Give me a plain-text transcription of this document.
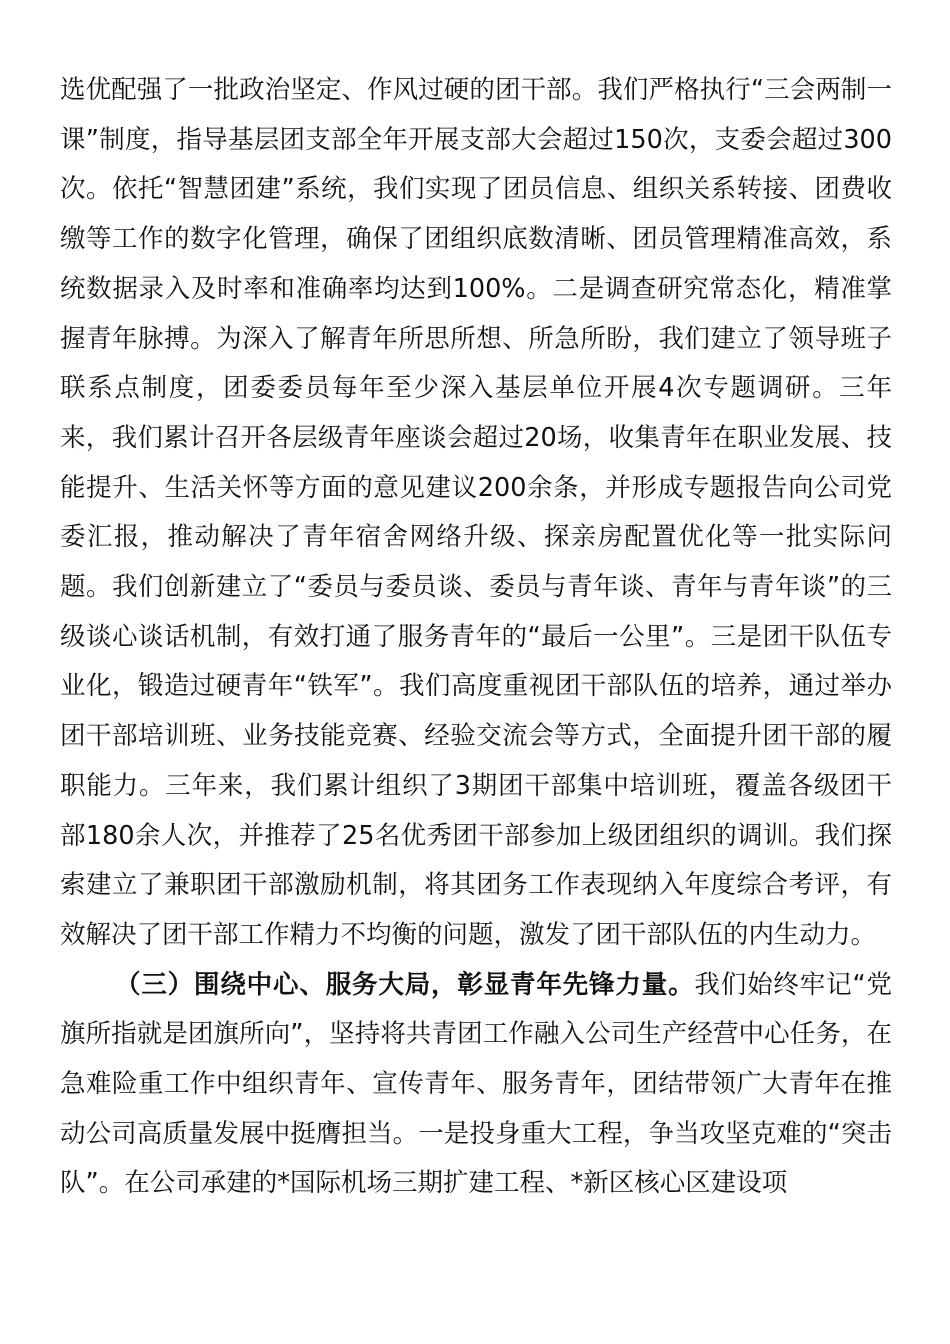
选优配强了一批政治坚定、作风过硬的团干部。我们严格执行“三会两制一课”制度，指导基层团支部全年开展支部大会超过150次，支委会超过300次。依托“智慧团建”系统，我们实现了团员信息、组织关系转接、团费收缴等工作的数字化管理，确保了团组织底数清晰、团员管理精准高效，系统数据录入及时率和准确率均达到100%。二是调查研究常态化，精准掌握青年脉搏。为深入了解青年所思所想、所急所盼，我们建立了领导班子联系点制度，团委委员每年至少深入基层单位开展4次专题调研。三年来，我们累计召开各层级青年座谈会超过20场，收集青年在职业发展、技能提升、生活关怀等方面的意见建议200余条，并形成专题报告向公司党委汇报，推动解决了青年宿舍网络升级、探亲房配置优化等一批实际问题。我们创新建立了“委员与委员谈、委员与青年谈、青年与青年谈”的三级谈心谈话机制，有效打通了服务青年的“最后一公里”。三是团干队伍专业化，锻造过硬青年“铁军”。我们高度重视团干部队伍的培养，通过举办团干部培训班、业务技能竞赛、经验交流会等方式，全面提升团干部的履职能力。三年来，我们累计组织了3期团干部集中培训班，覆盖各级团干部180余人次，并推荐了25名优秀团干部参加上级团组织的调训。我们探索建立了兼职团干部激励机制，将其团务工作表现纳入年度综合考评，有效解决了团干部工作精力不均衡的问题，激发了团干部队伍的内生动力。

（三）围绕中心、服务大局，彰显青年先锋力量。我们始终牢记“党旗所指就是团旗所向”，坚持将共青团工作融入公司生产经营中心任务，在急难险重工作中组织青年、宣传青年、服务青年，团结带领广大青年在推动公司高质量发展中挺膺担当。一是投身重大工程，争当攻坚克难的“突击队”。在公司承建的*国际机场三期扩建工程、*新区核心区建设项
